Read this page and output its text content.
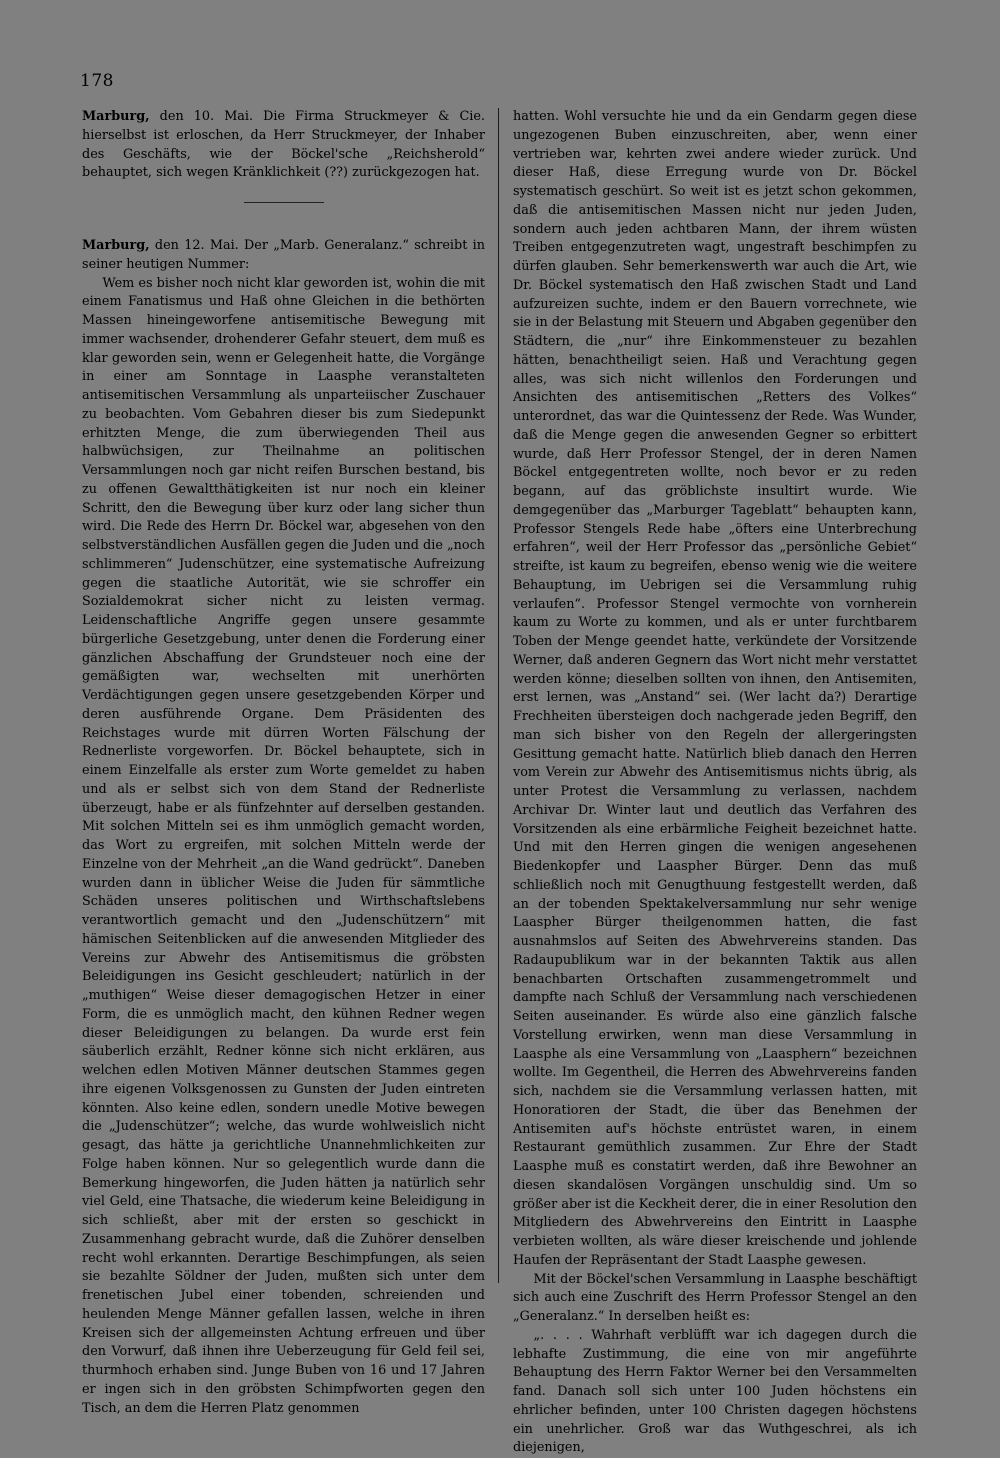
178

Marburg, den 10. Mai. Die Firma Struckmeyer & Cie. hierselbst ist erloschen, da Herr Struckmeyer, der Inhaber des Geschäfts, wie der Böckel'sche „Reichsherold“ behauptet, sich wegen Kränklichkeit (??) zurückgezogen hat.

Marburg, den 12. Mai. Der „Marb. Generalanz.“ schreibt in seiner heutigen Nummer:

Wem es bisher noch nicht klar geworden ist, wohin die mit einem Fanatismus und Haß ohne Gleichen in die bethörten Massen hineingeworfene antisemitische Bewegung mit immer wachsender, drohenderer Gefahr steuert, dem muß es klar geworden sein, wenn er Gelegenheit hatte, die Vorgänge in einer am Sonntage in Laasphe veranstalteten antisemitischen Versammlung als unparteiischer Zuschauer zu beobachten. Vom Gebahren dieser bis zum Siedepunkt erhitzten Menge, die zum überwiegenden Theil aus halbwüchsigen, zur Theilnahme an politischen Versammlungen noch gar nicht reifen Burschen bestand, bis zu offenen Gewaltthätigkeiten ist nur noch ein kleiner Schritt, den die Bewegung über kurz oder lang sicher thun wird. Die Rede des Herrn Dr. Böckel war, abgesehen von den selbstverständlichen Ausfällen gegen die Juden und die „noch schlimmeren“ Judenschützer, eine systematische Aufreizung gegen die staatliche Autorität, wie sie schroffer ein Sozialdemokrat sicher nicht zu leisten vermag. Leidenschaftliche Angriffe gegen unsere gesammte bürgerliche Gesetzgebung, unter denen die Forderung einer gänzlichen Abschaffung der Grundsteuer noch eine der gemäßigten war, wechselten mit unerhörten Verdächtigungen gegen unsere gesetzgebenden Körper und deren ausführende Organe. Dem Präsidenten des Reichstages wurde mit dürren Worten Fälschung der Rednerliste vorgeworfen. Dr. Böckel behauptete, sich in einem Einzelfalle als erster zum Worte gemeldet zu haben und als er selbst sich von dem Stand der Rednerliste überzeugt, habe er als fünfzehnter auf derselben gestanden. Mit solchen Mitteln sei es ihm unmöglich gemacht worden, das Wort zu ergreifen, mit solchen Mitteln werde der Einzelne von der Mehrheit „an die Wand gedrückt“. Daneben wurden dann in üblicher Weise die Juden für sämmtliche Schäden unseres politischen und Wirthschaftslebens verantwortlich gemacht und den „Judenschützern“ mit hämischen Seitenblicken auf die anwesenden Mitglieder des Vereins zur Abwehr des Antisemitismus die gröbsten Beleidigungen ins Gesicht geschleudert; natürlich in der „muthigen“ Weise dieser demagogischen Hetzer in einer Form, die es unmöglich macht, den kühnen Redner wegen dieser Beleidigungen zu belangen. Da wurde erst fein säuberlich erzählt, Redner könne sich nicht erklären, aus welchen edlen Motiven Männer deutschen Stammes gegen ihre eigenen Volksgenossen zu Gunsten der Juden eintreten könnten. Also keine edlen, sondern unedle Motive bewegen die „Judenschützer“; welche, das wurde wohlweislich nicht gesagt, das hätte ja gerichtliche Unannehmlichkeiten zur Folge haben können. Nur so gelegentlich wurde dann die Bemerkung hingeworfen, die Juden hätten ja natürlich sehr viel Geld, eine Thatsache, die wiederum keine Beleidigung in sich schließt, aber mit der ersten so geschickt in Zusammenhang gebracht wurde, daß die Zuhörer denselben recht wohl erkannten. Derartige Beschimpfungen, als seien sie bezahlte Söldner der Juden, mußten sich unter dem frenetischen Jubel einer tobenden, schreienden und heulenden Menge Männer gefallen lassen, welche in ihren Kreisen sich der allgemeinsten Achtung erfreuen und über den Vorwurf, daß ihnen ihre Ueberzeugung für Geld feil sei, thurmhoch erhaben sind. Junge Buben von 16 und 17 Jahren er ingen sich in den gröbsten Schimpfworten gegen den Tisch, an dem die Herren Platz genommen

hatten. Wohl versuchte hie und da ein Gendarm gegen diese ungezogenen Buben einzuschreiten, aber, wenn einer vertrieben war, kehrten zwei andere wieder zurück. Und dieser Haß, diese Erregung wurde von Dr. Böckel systematisch geschürt. So weit ist es jetzt schon gekommen, daß die antisemitischen Massen nicht nur jeden Juden, sondern auch jeden achtbaren Mann, der ihrem wüsten Treiben entgegenzutreten wagt, ungestraft beschimpfen zu dürfen glauben. Sehr bemerkenswerth war auch die Art, wie Dr. Böckel systematisch den Haß zwischen Stadt und Land aufzureizen suchte, indem er den Bauern vorrechnete, wie sie in der Belastung mit Steuern und Abgaben gegenüber den Städtern, die „nur“ ihre Einkommensteuer zu bezahlen hätten, benachtheiligt seien. Haß und Verachtung gegen alles, was sich nicht willenlos den Forderungen und Ansichten des antisemitischen „Retters des Volkes“ unterordnet, das war die Quintessenz der Rede. Was Wunder, daß die Menge gegen die anwesenden Gegner so erbittert wurde, daß Herr Professor Stengel, der in deren Namen Böckel entgegentreten wollte, noch bevor er zu reden begann, auf das gröblichste insultirt wurde. Wie demgegenüber das „Marburger Tageblatt“ behaupten kann, Professor Stengels Rede habe „öfters eine Unterbrechung erfahren“, weil der Herr Professor das „persönliche Gebiet“ streifte, ist kaum zu begreifen, ebenso wenig wie die weitere Behauptung, im Uebrigen sei die Versammlung ruhig verlaufen“. Professor Stengel vermochte von vornherein kaum zu Worte zu kommen, und als er unter furchtbarem Toben der Menge geendet hatte, verkündete der Vorsitzende Werner, daß anderen Gegnern das Wort nicht mehr verstattet werden könne; dieselben sollten von ihnen, den Antisemiten, erst lernen, was „Anstand“ sei. (Wer lacht da?) Derartige Frechheiten übersteigen doch nachgerade jeden Begriff, den man sich bisher von den Regeln der allergeringsten Gesittung gemacht hatte. Natürlich blieb danach den Herren vom Verein zur Abwehr des Antisemitismus nichts übrig, als unter Protest die Versammlung zu verlassen, nachdem Archivar Dr. Winter laut und deutlich das Verfahren des Vorsitzenden als eine erbärmliche Feigheit bezeichnet hatte. Und mit den Herren gingen die wenigen angesehenen Biedenkopfer und Laaspher Bürger. Denn das muß schließlich noch mit Genugthuung festgestellt werden, daß an der tobenden Spektakelversammlung nur sehr wenige Laaspher Bürger theilgenommen hatten, die fast ausnahmslos auf Seiten des Abwehrvereins standen. Das Radaupublikum war in der bekannten Taktik aus allen benachbarten Ortschaften zusammengetrommelt und dampfte nach Schluß der Versammlung nach verschiedenen Seiten auseinander. Es würde also eine gänzlich falsche Vorstellung erwirken, wenn man diese Versammlung in Laasphe als eine Versammlung von „Laasphern“ bezeichnen wollte. Im Gegentheil, die Herren des Abwehrvereins fanden sich, nachdem sie die Versammlung verlassen hatten, mit Honoratioren der Stadt, die über das Benehmen der Antisemiten auf's höchste entrüstet waren, in einem Restaurant gemüthlich zusammen. Zur Ehre der Stadt Laasphe muß es constatirt werden, daß ihre Bewohner an diesen skandalösen Vorgängen unschuldig sind. Um so größer aber ist die Keckheit derer, die in einer Resolution den Mitgliedern des Abwehrvereins den Eintritt in Laasphe verbieten wollten, als wäre dieser kreischende und johlende Haufen der Repräsentant der Stadt Laasphe gewesen.

Mit der Böckel'schen Versammlung in Laasphe beschäftigt sich auch eine Zuschrift des Herrn Professor Stengel an den „Generalanz.“ In derselben heißt es:

„. . . . Wahrhaft verblüfft war ich dagegen durch die lebhafte Zustimmung, die eine von mir angeführte Behauptung des Herrn Faktor Werner bei den Versammelten fand. Danach soll sich unter 100 Juden höchstens ein ehrlicher befinden, unter 100 Christen dagegen höchstens ein unehrlicher. Groß war das Wuthgeschrei, als ich diejenigen,
